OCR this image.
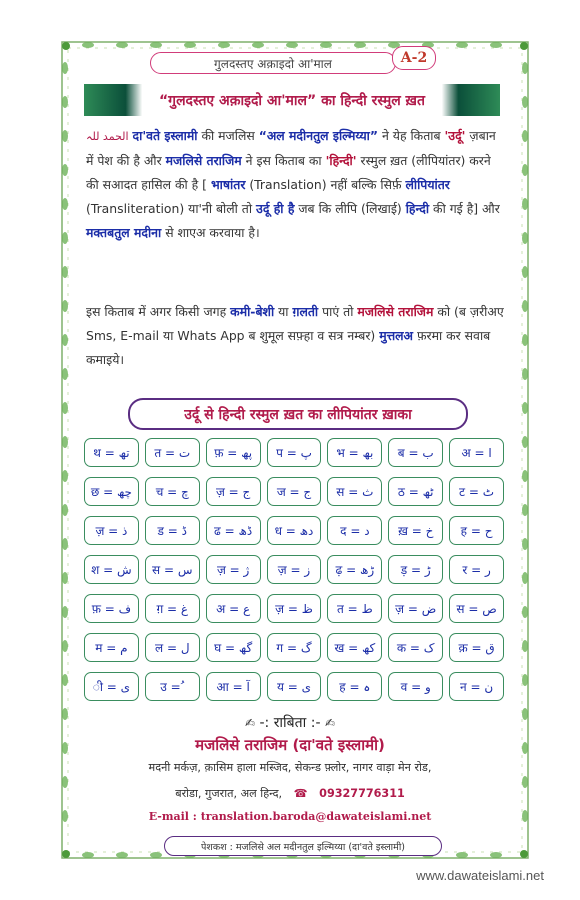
गुलदस्तए अक़ाइदो आ'माल	A-2
“गुलदस्तए अक़ाइदो आ'माल” का हिन्दी रस्मुल ख़त
الحمد للہ दा'वते इस्लामी की मजलिस “अल मदीनतुल इल्मिय्या” ने येह किताब 'उर्दू' ज़बान में पेश की है और मजलिसे तराजिम ने इस किताब का 'हिन्दी' रस्मुल ख़त (लीपियांतर) करने की सआदत हासिल की है [ भाषांतर (Translation) नहीं बल्कि सिर्फ़ लीपियांतर (Transliteration) या'नी बोली तो उर्दू ही है जब कि लीपि (लिखाई) हिन्दी की गई है] और मक्तबतुल मदीना से शाएअ करवाया है।
इस किताब में अगर किसी जगह कमी-बेशी या ग़लती पाएं तो मजलिसे तराजिम को (ब ज़रीअए Sms, E-mail या Whats App ब शुमूल सफ़्हा व सत्र नम्बर) मुत्तलअ फ़रमा कर सवाब कमाइये।
उर्दू से हिन्दी रस्मुल ख़त का लीपियांतर ख़ाका
थ = تھ	त = ت	फ़ = پھ	प = پ	भ = بھ	ब = ب	अ = ا
छ = چھ	च = چ	ज़ = ج	ज = ج	स = ث	ठ = ٹھ	ट = ٹ
ज़ = ذ	ड = ڈ	ढ = ڈھ	ध = دھ	द = د	ख़ = خ	ह = ح
श = ش	स = س	ज़ = ژ	ज़ = ز	ढ़ = ڑھ	ड़ = ڑ	र = ر
फ़ = ف	ग़ = غ	अ = ع	ज़ = ظ	त = ط	ज़ = ض	स = ص
म = م	ल = ل	घ = گھ	ग = گ	ख = کھ	क = ک	क़ = ق
ी = ی	उ = ُ	आ = آ	य = ی	ह = ہ	व = و	न = ن
✍ -: राबिता :- ✍
मजलिसे तराजिम (दा'वते इस्लामी)
मदनी मर्कज़, क़ासिम हाला मस्जिद, सेकन्ड फ़्लोर, नागर वाड़ा मेन रोड,
बरोडा, गुजरात, अल हिन्द, ☎ 09327776311
E-mail : translation.baroda@dawateislami.net
पेशकश : मजलिसे अल मदीनतुल इल्मिय्या (दा'वते इस्लामी)
www.dawateislami.net
